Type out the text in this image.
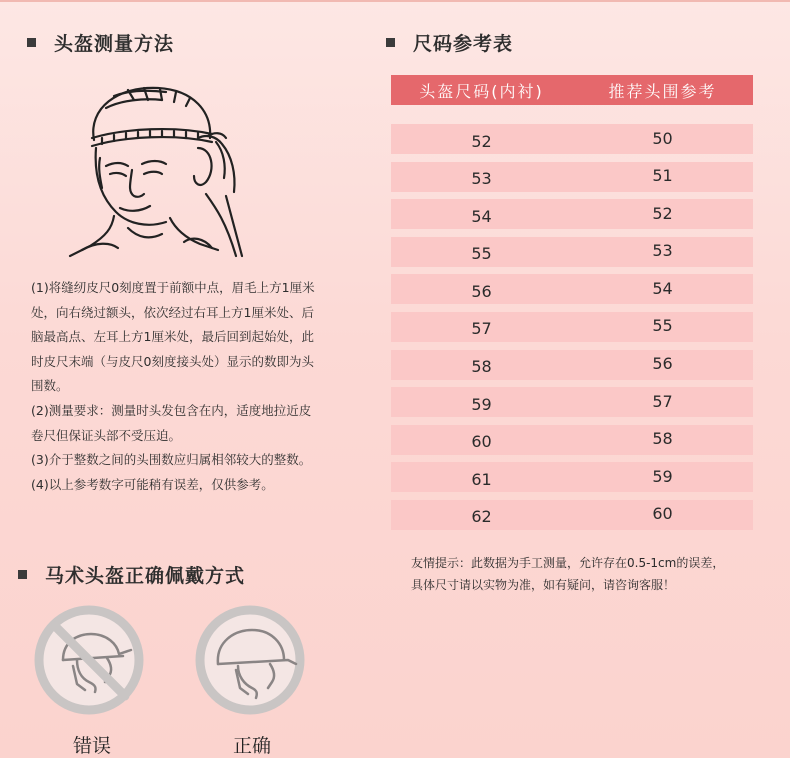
头盔测量方法

(1)将缝纫皮尺0刻度置于前额中点，眉毛上方1厘米处，向右绕过额头，依次经过右耳上方1厘米处、后脑最高点、左耳上方1厘米处，最后回到起始处，此时皮尺末端（与皮尺0刻度接头处）显示的数即为头围数。

(2)测量要求：测量时头发包含在内，适度地拉近皮卷尺但保证头部不受压迫。

(3)介于整数之间的头围数应归属相邻较大的整数。

(4)以上参考数字可能稍有误差，仅供参考。

尺码参考表
头盔尺码(内衬)	推荐头围参考
52	50
53	51
54	52
55	53
56	54
57	55
58	56
59	57
60	58
61	59
62	60
友情提示：此数据为手工测量，允许存在0.5-1cm的误差，
具体尺寸请以实物为准，如有疑问，请咨询客服！
马术头盔正确佩戴方式
错误	正确
